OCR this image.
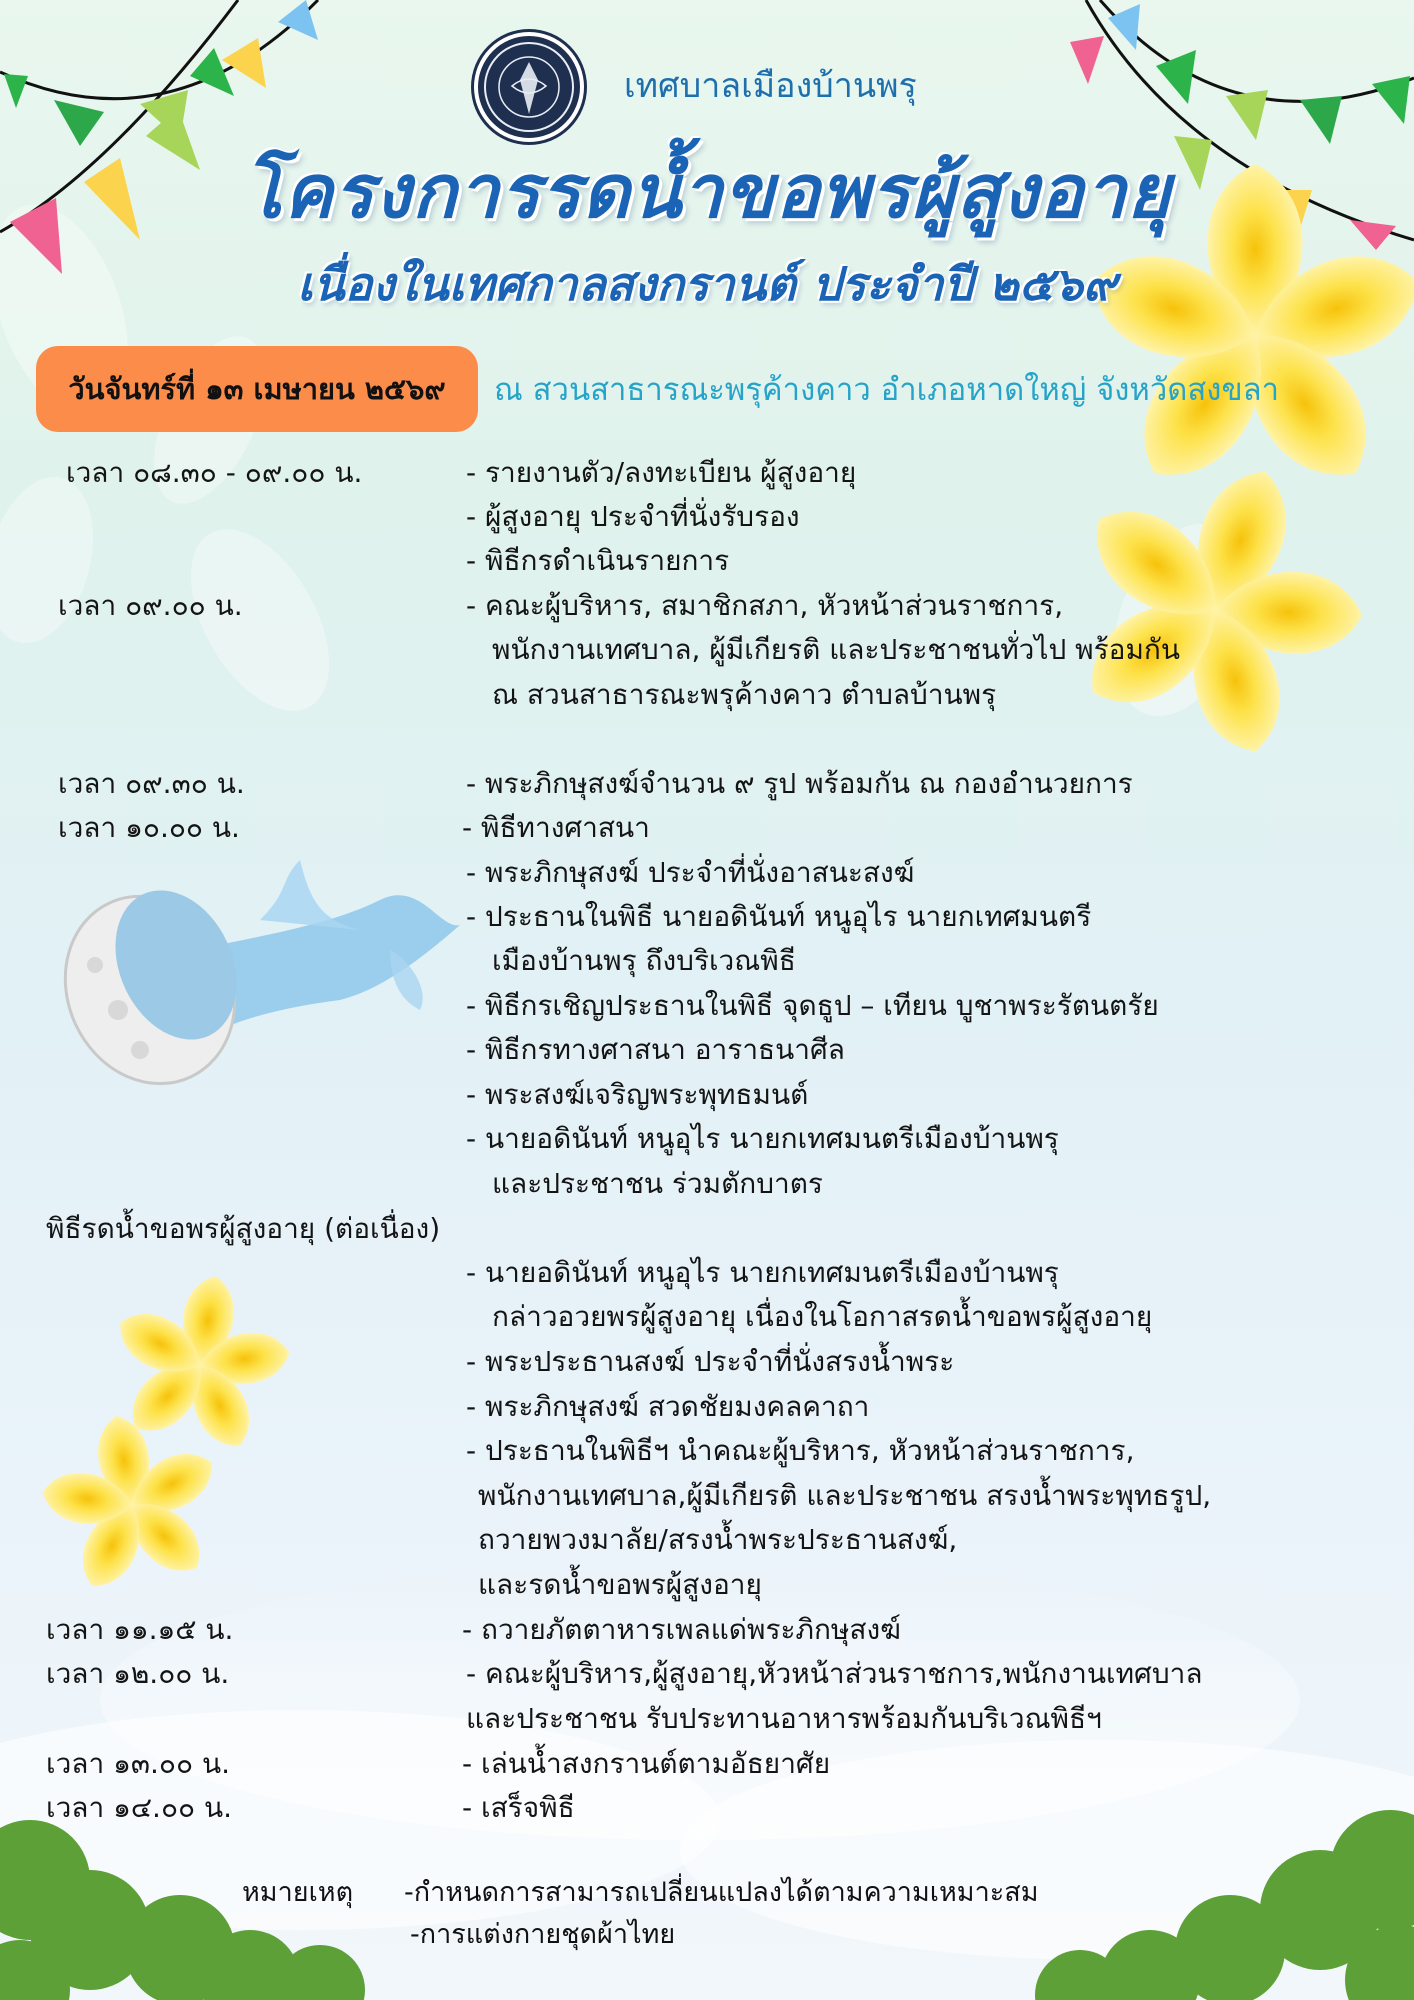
เทศบาลเมืองบ้านพรุ
โครงการรดน้ำขอพรผู้สูงอายุ
เนื่องในเทศกาลสงกรานต์ ประจำปี ๒๕๖๙
วันจันทร์ที่ ๑๓ เมษายน ๒๕๖๙	ณ สวนสาธารณะพรุค้างคาว อำเภอหาดใหญ่ จังหวัดสงขลา
เวลา ๐๘.๓๐ - ๐๙.๐๐ น.	- รายงานตัว/ลงทะเบียน ผู้สูงอายุ
- ผู้สูงอายุ ประจำที่นั่งรับรอง
- พิธีกรดำเนินรายการ
เวลา ๐๙.๐๐ น.	- คณะผู้บริหาร, สมาชิกสภา, หัวหน้าส่วนราชการ,
พนักงานเทศบาล, ผู้มีเกียรติ และประชาชนทั่วไป พร้อมกัน
ณ สวนสาธารณะพรุค้างคาว ตำบลบ้านพรุ
เวลา ๐๙.๓๐ น.	- พระภิกษุสงฆ์จำนวน ๙ รูป พร้อมกัน ณ กองอำนวยการ
เวลา ๑๐.๐๐ น.	- พิธีทางศาสนา
- พระภิกษุสงฆ์ ประจำที่นั่งอาสนะสงฆ์
- ประธานในพิธี นายอดินันท์ หนูอุไร นายกเทศมนตรี
เมืองบ้านพรุ ถึงบริเวณพิธี
- พิธีกรเชิญประธานในพิธี จุดธูป – เทียน บูชาพระรัตนตรัย
- พิธีกรทางศาสนา อาราธนาศีล
- พระสงฆ์เจริญพระพุทธมนต์
- นายอดินันท์ หนูอุไร นายกเทศมนตรีเมืองบ้านพรุ
และประชาชน ร่วมตักบาตร
พิธีรดน้ำขอพรผู้สูงอายุ (ต่อเนื่อง)
- นายอดินันท์ หนูอุไร นายกเทศมนตรีเมืองบ้านพรุ
กล่าวอวยพรผู้สูงอายุ เนื่องในโอกาสรดน้ำขอพรผู้สูงอายุ
- พระประธานสงฆ์ ประจำที่นั่งสรงน้ำพระ
- พระภิกษุสงฆ์ สวดชัยมงคลคาถา
- ประธานในพิธีฯ นำคณะผู้บริหาร, หัวหน้าส่วนราชการ,
พนักงานเทศบาล,ผู้มีเกียรติ และประชาชน สรงน้ำพระพุทธรูป,
ถวายพวงมาลัย/สรงน้ำพระประธานสงฆ์,
และรดน้ำขอพรผู้สูงอายุ
เวลา ๑๑.๑๕ น.	- ถวายภัตตาหารเพลแด่พระภิกษุสงฆ์
เวลา ๑๒.๐๐ น.	- คณะผู้บริหาร,ผู้สูงอายุ,หัวหน้าส่วนราชการ,พนักงานเทศบาล
และประชาชน รับประทานอาหารพร้อมกันบริเวณพิธีฯ
เวลา ๑๓.๐๐ น.	- เล่นน้ำสงกรานต์ตามอัธยาศัย
เวลา ๑๔.๐๐ น.	- เสร็จพิธี
หมายเหตุ -กำหนดการสามารถเปลี่ยนแปลงได้ตามความเหมาะสม
-การแต่งกายชุดผ้าไทย
